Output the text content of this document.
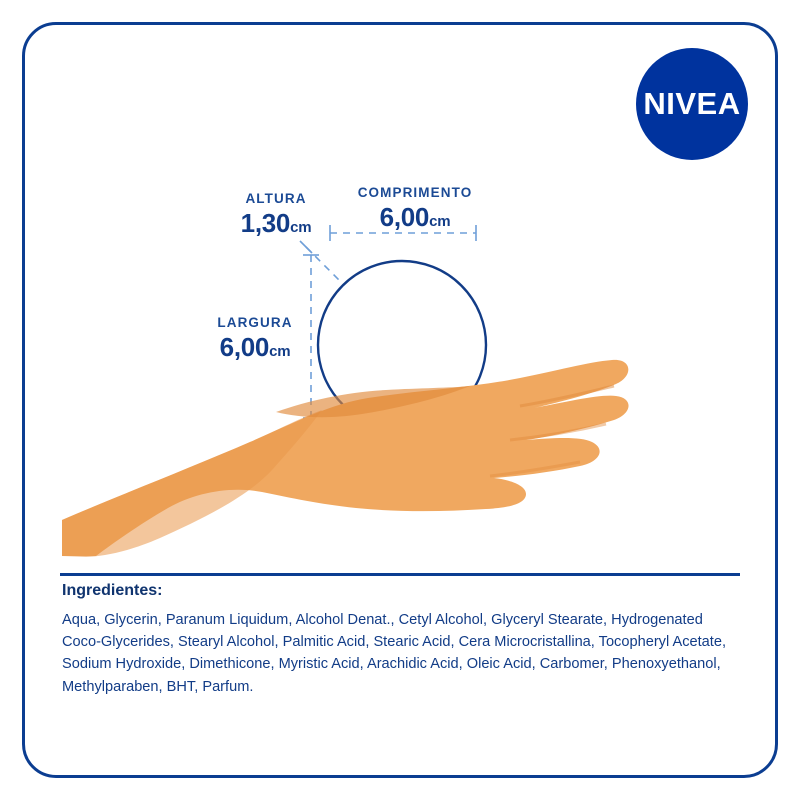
NIVEA
ALTURA
1,30cm
COMPRIMENTO
6,00cm
LARGURA
6,00cm
Ingredientes:
Aqua, Glycerin, Paranum Liquidum, Alcohol Denat., Cetyl Alcohol, Glyceryl Stearate, Hydrogenated Coco-Glycerides, Stearyl Alcohol, Palmitic Acid, Stearic Acid, Cera Microcristallina, Tocopheryl Acetate, Sodium Hydroxide, Dimethicone, Myristic Acid, Arachidic Acid, Oleic Acid, Carbomer, Phenoxyethanol, Methylparaben, BHT, Parfum.
